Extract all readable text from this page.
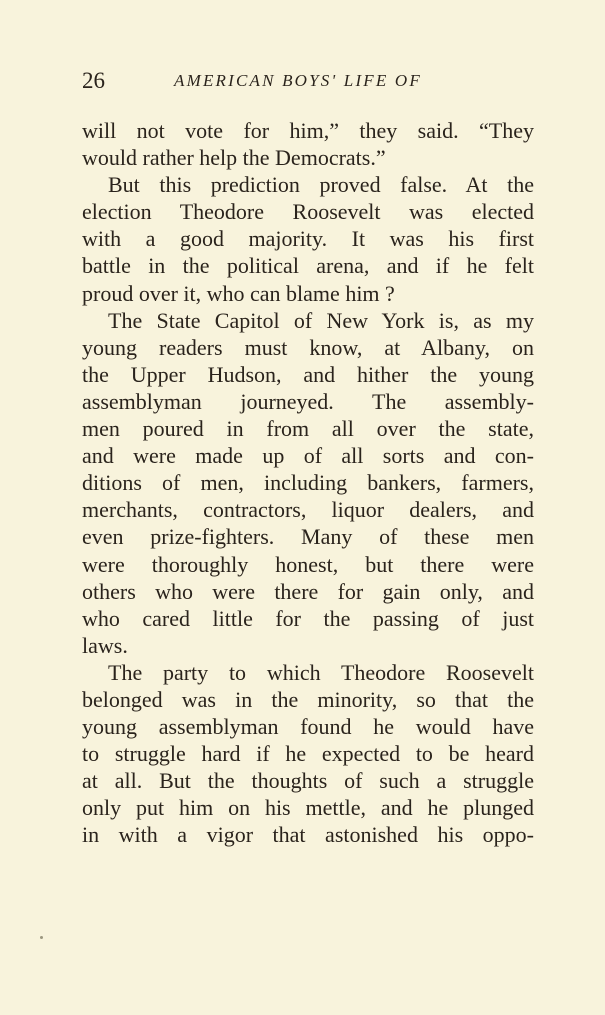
26	AMERICAN BOYS' LIFE OF

will not vote for him,” they said. “They
would rather help the Democrats.”

But this prediction proved false. At the
election Theodore Roosevelt was elected
with a good majority. It was his first
battle in the political arena, and if he felt
proud over it, who can blame him ?

The State Capitol of New York is, as my
young readers must know, at Albany, on
the Upper Hudson, and hither the young
assemblyman journeyed. The assembly-
men poured in from all over the state,
and were made up of all sorts and con-
ditions of men, including bankers, farmers,
merchants, contractors, liquor dealers, and
even prize-fighters. Many of these men
were thoroughly honest, but there were
others who were there for gain only, and
who cared little for the passing of just
laws.

The party to which Theodore Roosevelt
belonged was in the minority, so that the
young assemblyman found he would have
to struggle hard if he expected to be heard
at all. But the thoughts of such a struggle
only put him on his mettle, and he plunged
in with a vigor that astonished his oppo-
